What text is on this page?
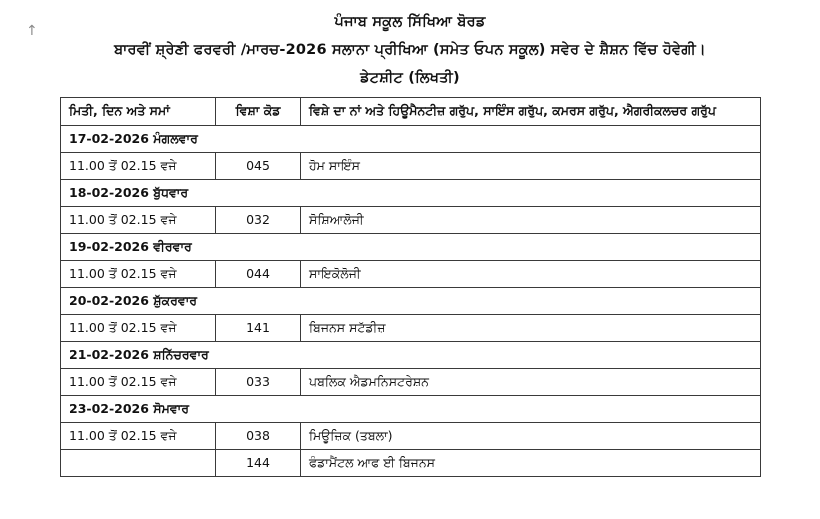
↑
ਪੰਜਾਬ ਸਕੂਲ ਸਿੱਖਿਆ ਬੋਰਡ
ਬਾਰਵੀਂ ਸ਼੍ਰੇਣੀ ਫਰਵਰੀ /ਮਾਰਚ-2026 ਸਲਾਨਾ ਪ੍ਰੀਖਿਆ (ਸਮੇਤ ਓਪਨ ਸਕੂਲ) ਸਵੇਰ ਦੇ ਸ਼ੈਸ਼ਨ ਵਿੱਚ ਹੋਵੇਗੀ।
ਡੇਟਸ਼ੀਟ (ਲਿਖਤੀ)
ਮਿਤੀ, ਦਿਨ ਅਤੇ ਸਮਾਂ	ਵਿਸ਼ਾ ਕੋਡ	ਵਿਸ਼ੇ ਦਾ ਨਾਂ ਅਤੇ ਹਿਊਮੈਨਟੀਜ਼ ਗਰੁੱਪ, ਸਾਇੰਸ ਗਰੁੱਪ, ਕਮਰਸ ਗਰੁੱਪ, ਐਗਰੀਕਲਚਰ ਗਰੁੱਪ
17-02-2026 ਮੰਗਲਵਾਰ		
11.00 ਤੋਂ 02.15 ਵਜੇ	045	ਹੋਮ ਸਾਇੰਸ
18-02-2026 ਬੁੱਧਵਾਰ		
11.00 ਤੋਂ 02.15 ਵਜੇ	032	ਸੋਸ਼ਿਆਲੋਜੀ
19-02-2026 ਵੀਰਵਾਰ		
11.00 ਤੋਂ 02.15 ਵਜੇ	044	ਸਾਇਕੋਲੋਜੀ
20-02-2026 ਸ਼ੁੱਕਰਵਾਰ		
11.00 ਤੋਂ 02.15 ਵਜੇ	141	ਬਿਜਨਸ ਸਟੱਡੀਜ਼
21-02-2026 ਸ਼ਨਿੱਚਰਵਾਰ		
11.00 ਤੋਂ 02.15 ਵਜੇ	033	ਪਬਲਿਕ ਐਡਮਨਿਸਟਰੇਸ਼ਨ
23-02-2026 ਸੋਮਵਾਰ		
11.00 ਤੋਂ 02.15 ਵਜੇ	038	ਮਿਊਜ਼ਿਕ (ਤਬਲਾ)
	144	ਫੰਡਾਮੈਂਟਲ ਆਫ ਈ ਬਿਜਨਸ
